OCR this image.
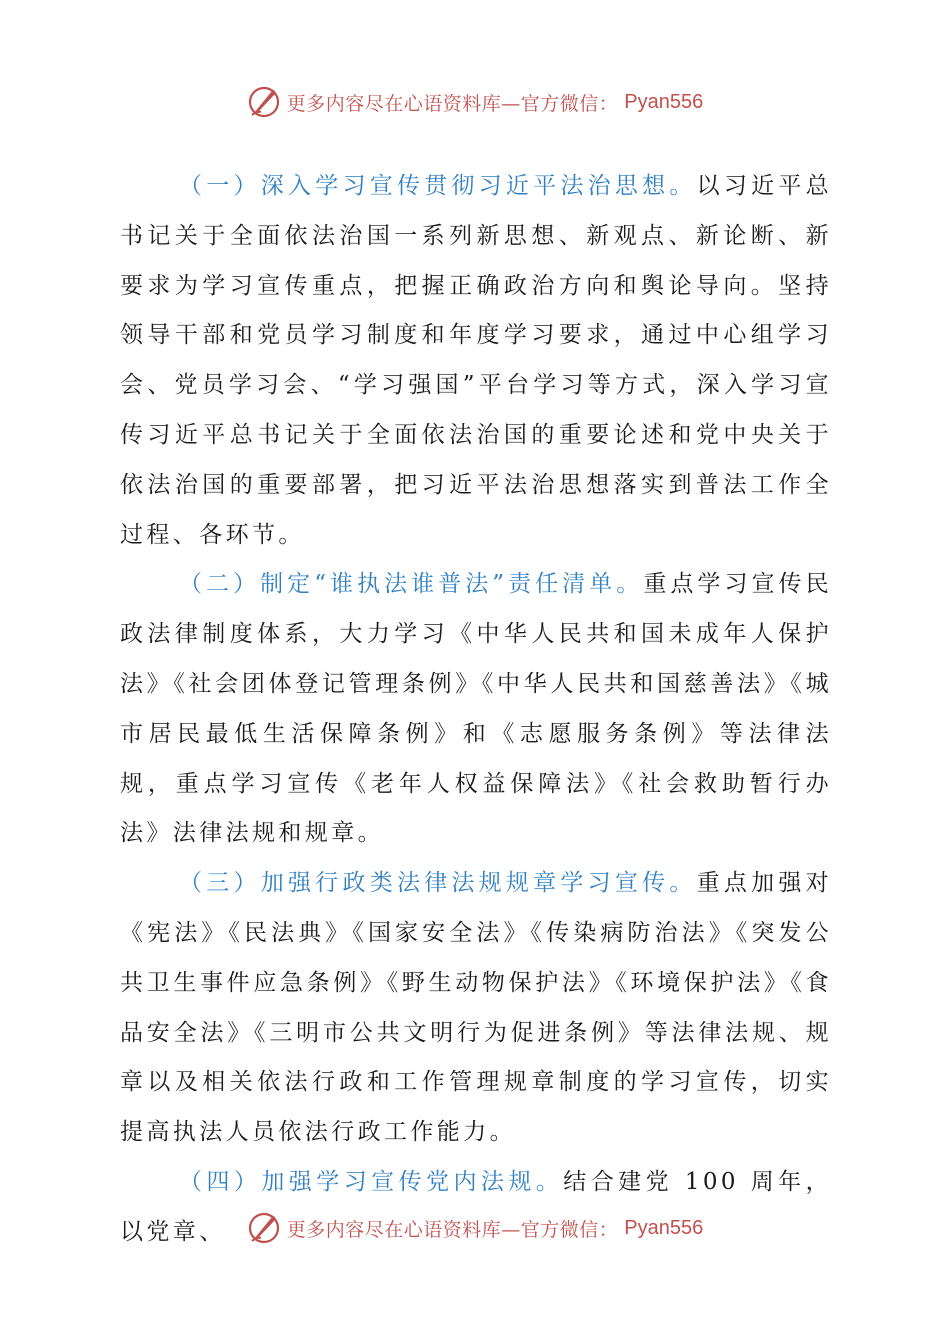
更多内容尽在心语资料库—官方微信： Pyan556

（一）深入学习宣传贯彻习近平法治思想。以习近平总书记关于全面依法治国一系列新思想、新观点、新论断、新要求为学习宣传重点，把握正确政治方向和舆论导向。坚持领导干部和党员学习制度和年度学习要求，通过中心组学习会、党员学习会、“学习强国”平台学习等方式，深入学习宣传习近平总书记关于全面依法治国的重要论述和党中央关于依法治国的重要部署，把习近平法治思想落实到普法工作全过程、各环节。

（二）制定“谁执法谁普法”责任清单。重点学习宣传民政法律制度体系，大力学习《中华人民共和国未成年人保护法》《社会团体登记管理条例》《中华人民共和国慈善法》《城市居民最低生活保障条例》和《志愿服务条例》等法律法规，重点学习宣传《老年人权益保障法》《社会救助暂行办法》法律法规和规章。

（三）加强行政类法律法规规章学习宣传。重点加强对《宪法》《民法典》《国家安全法》《传染病防治法》《突发公共卫生事件应急条例》《野生动物保护法》《环境保护法》《食品安全法》《三明市公共文明行为促进条例》等法律法规、规章以及相关依法行政和工作管理规章制度的学习宣传，切实提高执法人员依法行政工作能力。

（四）加强学习宣传党内法规。结合建党 100 周年，以党章、	更多内容尽在心语资料库—官方微信： Pyan556
